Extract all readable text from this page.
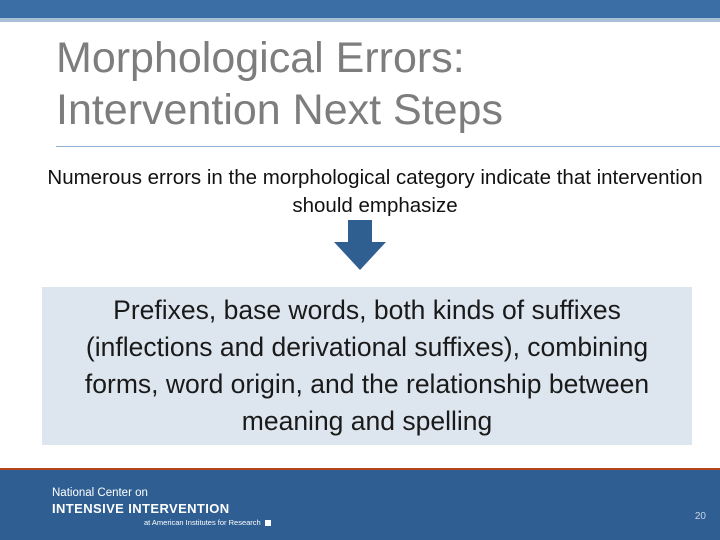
Morphological Errors:
Intervention Next Steps
Numerous errors in the morphological category indicate that intervention should emphasize
Prefixes, base words, both kinds of suffixes (inflections and derivational suffixes), combining forms, word origin, and the relationship between meaning and spelling
National Center on
INTENSIVE INTERVENTION
at American Institutes for Research
20
